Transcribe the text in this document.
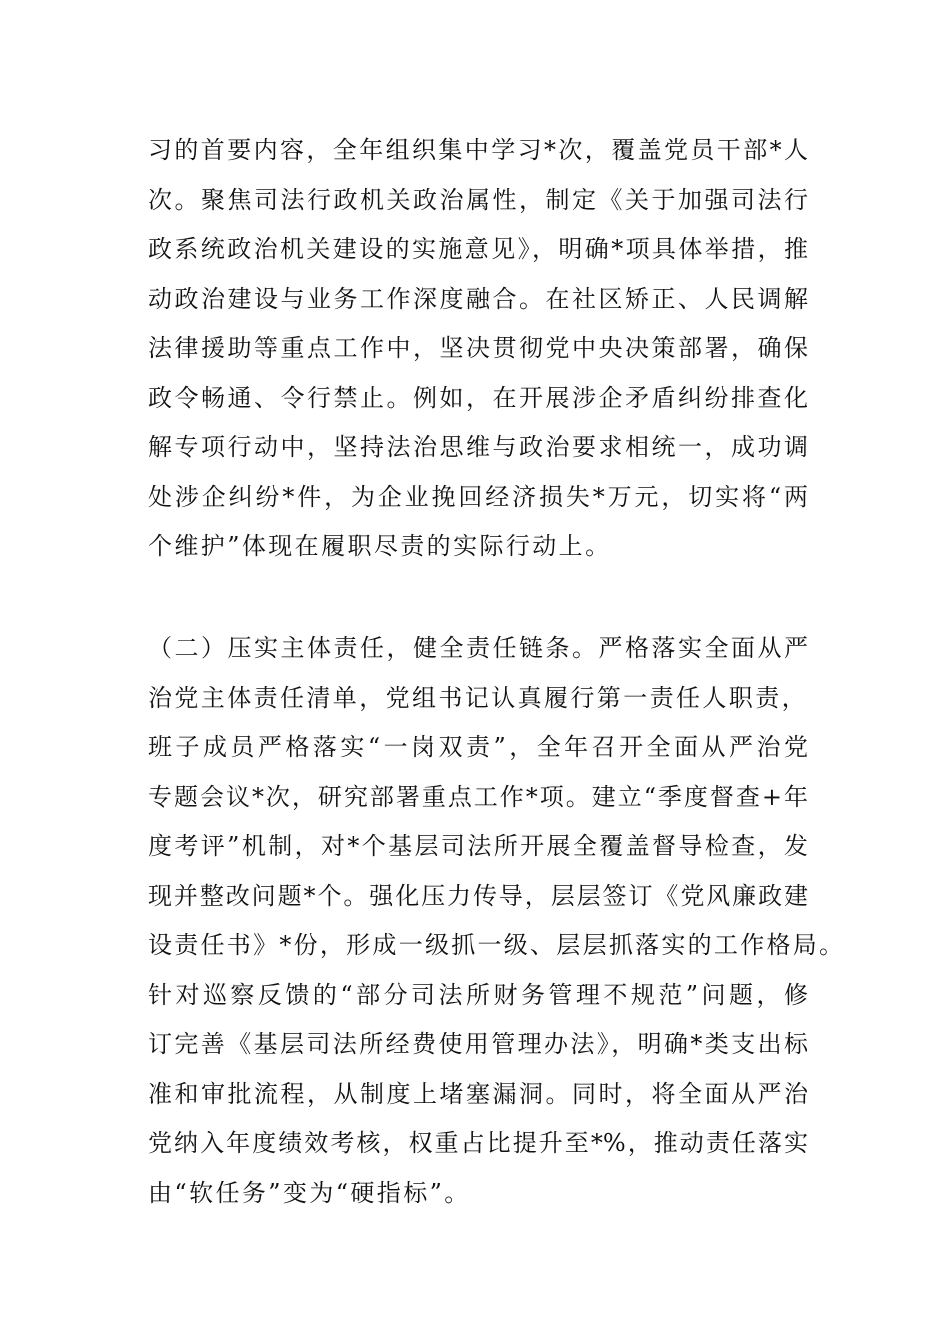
习的首要内容，全年组织集中学习*次，覆盖党员干部*人
次。聚焦司法行政机关政治属性，制定《关于加强司法行
政系统政治机关建设的实施意见》，明确*项具体举措，推
动政治建设与业务工作深度融合。在社区矫正、人民调解
法律援助等重点工作中，坚决贯彻党中央决策部署，确保
政令畅通、令行禁止。例如，在开展涉企矛盾纠纷排查化
解专项行动中，坚持法治思维与政治要求相统一，成功调
处涉企纠纷*件，为企业挽回经济损失*万元，切实将“两
个维护”体现在履职尽责的实际行动上。
（二）压实主体责任，健全责任链条。严格落实全面从严
治党主体责任清单，党组书记认真履行第一责任人职责，
班子成员严格落实“一岗双责”，全年召开全面从严治党
专题会议*次，研究部署重点工作*项。建立“季度督查+年
度考评”机制，对*个基层司法所开展全覆盖督导检查，发
现并整改问题*个。强化压力传导，层层签订《党风廉政建
设责任书》*份，形成一级抓一级、层层抓落实的工作格局。
针对巡察反馈的“部分司法所财务管理不规范”问题，修
订完善《基层司法所经费使用管理办法》，明确*类支出标
准和审批流程，从制度上堵塞漏洞。同时，将全面从严治
党纳入年度绩效考核，权重占比提升至*%，推动责任落实
由“软任务”变为“硬指标”。
